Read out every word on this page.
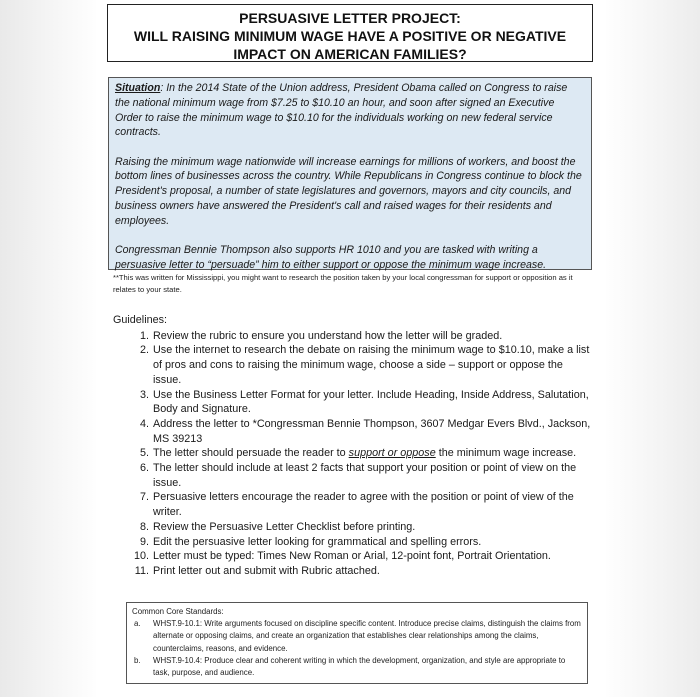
PERSUASIVE LETTER PROJECT:
WILL RAISING MINIMUM WAGE HAVE A POSITIVE OR NEGATIVE IMPACT ON AMERICAN FAMILIES?

Situation: In the 2014 State of the Union address, President Obama called on Congress to raise the national minimum wage from $7.25 to $10.10 an hour, and soon after signed an Executive Order to raise the minimum wage to $10.10 for the individuals working on new federal service contracts.

Raising the minimum wage nationwide will increase earnings for millions of workers, and boost the bottom lines of businesses across the country. While Republicans in Congress continue to block the President's proposal, a number of state legislatures and governors, mayors and city councils, and business owners have answered the President's call and raised wages for their residents and employees.

Congressman Bennie Thompson also supports HR 1010 and you are tasked with writing a persuasive letter to “persuade” him to either support or oppose the minimum wage increase.

**This was written for Mississippi, you might want to research the position taken by your local congressman for support or opposition as it relates to your state.
Guidelines:
1. Review the rubric to ensure you understand how the letter will be graded.
2. Use the internet to research the debate on raising the minimum wage to $10.10, make a list of pros and cons to raising the minimum wage, choose a side – support or oppose the issue.
3. Use the Business Letter Format for your letter. Include Heading, Inside Address, Salutation, Body and Signature.
4. Address the letter to *Congressman Bennie Thompson, 3607 Medgar Evers Blvd., Jackson, MS 39213
5. The letter should persuade the reader to support or oppose the minimum wage increase.
6. The letter should include at least 2 facts that support your position or point of view on the issue.
7. Persuasive letters encourage the reader to agree with the position or point of view of the writer.
8. Review the Persuasive Letter Checklist before printing.
9. Edit the persuasive letter looking for grammatical and spelling errors.
10. Letter must be typed: Times New Roman or Arial, 12-point font, Portrait Orientation.
11. Print letter out and submit with Rubric attached.
Common Core Standards:
a. WHST.9-10.1: Write arguments focused on discipline specific content. Introduce precise claims, distinguish the claims from alternate or opposing claims, and create an organization that establishes clear relationships among the claims, counterclaims, reasons, and evidence.
b. WHST.9-10.4: Produce clear and coherent writing in which the development, organization, and style are appropriate to task, purpose, and audience.
